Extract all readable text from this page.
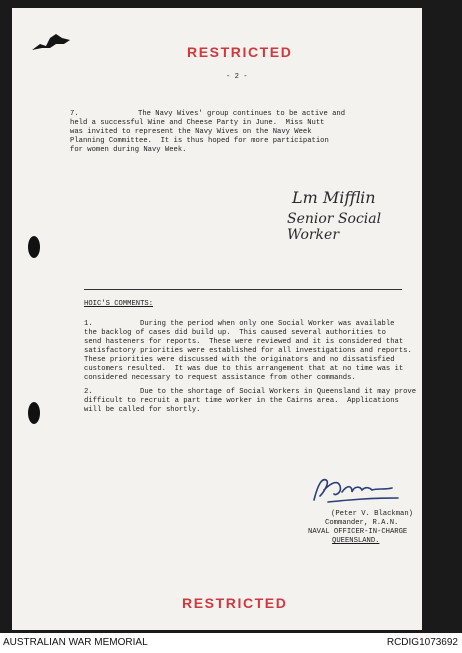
RESTRICTED
- 2 -
7.	The Navy Wives' group continues to be active and
held a successful Wine and Cheese Party in June.  Miss Nutt
was invited to represent the Navy Wives on the Navy Week
Planning Committee.  It is thus hoped for more participation
for women during Navy Week.
Lm Mifflin
Senior Social Worker
HOIC'S COMMENTS:
1.	During the period when only one Social Worker was available
the backlog of cases did build up.  This caused several authorities to
send hasteners for reports.  These were reviewed and it is considered that
satisfactory priorities were established for all investigations and reports.
These priorities were discussed with the originators and no dissatisfied
customers resulted.  It was due to this arrangement that at no time was it
considered necessary to request assistance from other commands.
2.	Due to the shortage of Social Workers in Queensland it may prove
difficult to recruit a part time worker in the Cairns area.  Applications
will be called for shortly.
(Peter V. Blackman)
Commander, R.A.N.
NAVAL OFFICER-IN-CHARGE
QUEENSLAND.
RESTRICTED
AUSTRALIAN WAR MEMORIAL	RCDIG1073692
